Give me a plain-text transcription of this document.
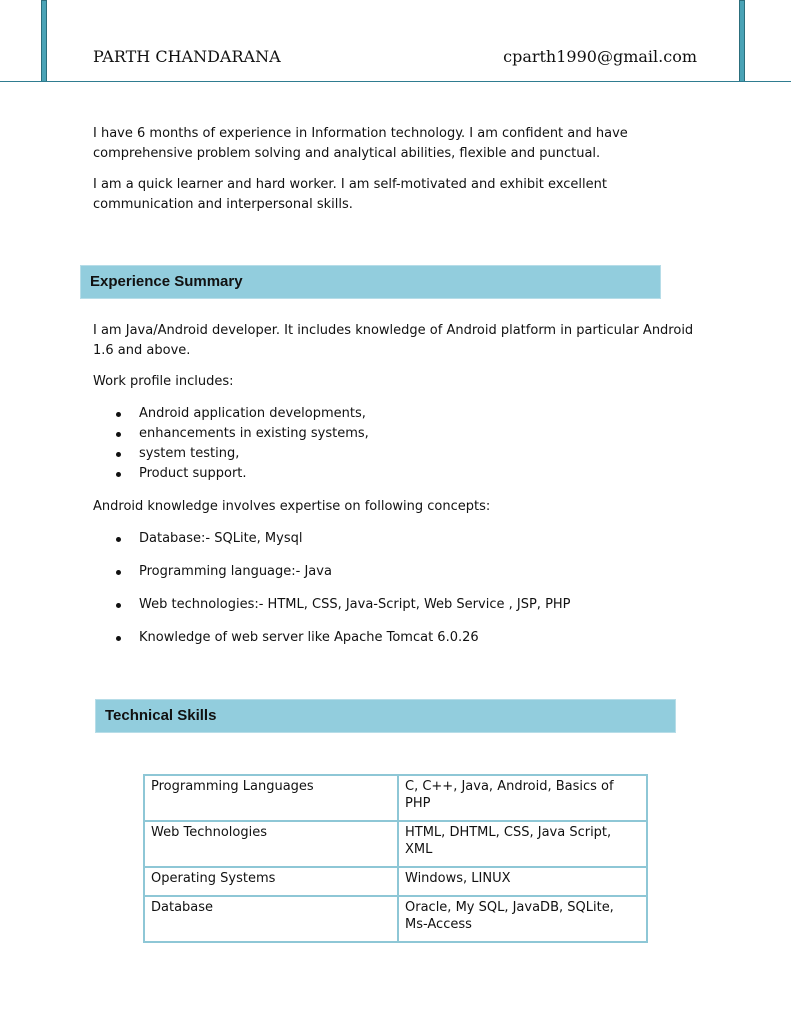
PARTH CHANDARANA	cparth1990@gmail.com

I have 6 months of experience in Information technology. I am confident and have comprehensive problem solving and analytical abilities, flexible and punctual.

I am a quick learner and hard worker. I am self-motivated and exhibit excellent communication and interpersonal skills.

Experience Summary

I am Java/Android developer. It includes knowledge of Android platform in particular Android 1.6 and above.

Work profile includes:

Android application developments,
enhancements in existing systems,
system testing,
Product support.

Android knowledge involves expertise on following concepts:

Database:- SQLite, Mysql
Programming language:- Java
Web technologies:- HTML, CSS, Java-Script, Web Service , JSP, PHP
Knowledge of web server like Apache Tomcat 6.0.26
Technical Skills
Programming Languages	C, C++, Java, Android, Basics of PHP
Web Technologies	HTML, DHTML, CSS, Java Script, XML
Operating Systems	Windows, LINUX
Database	Oracle, My SQL, JavaDB, SQLite, Ms-Access
